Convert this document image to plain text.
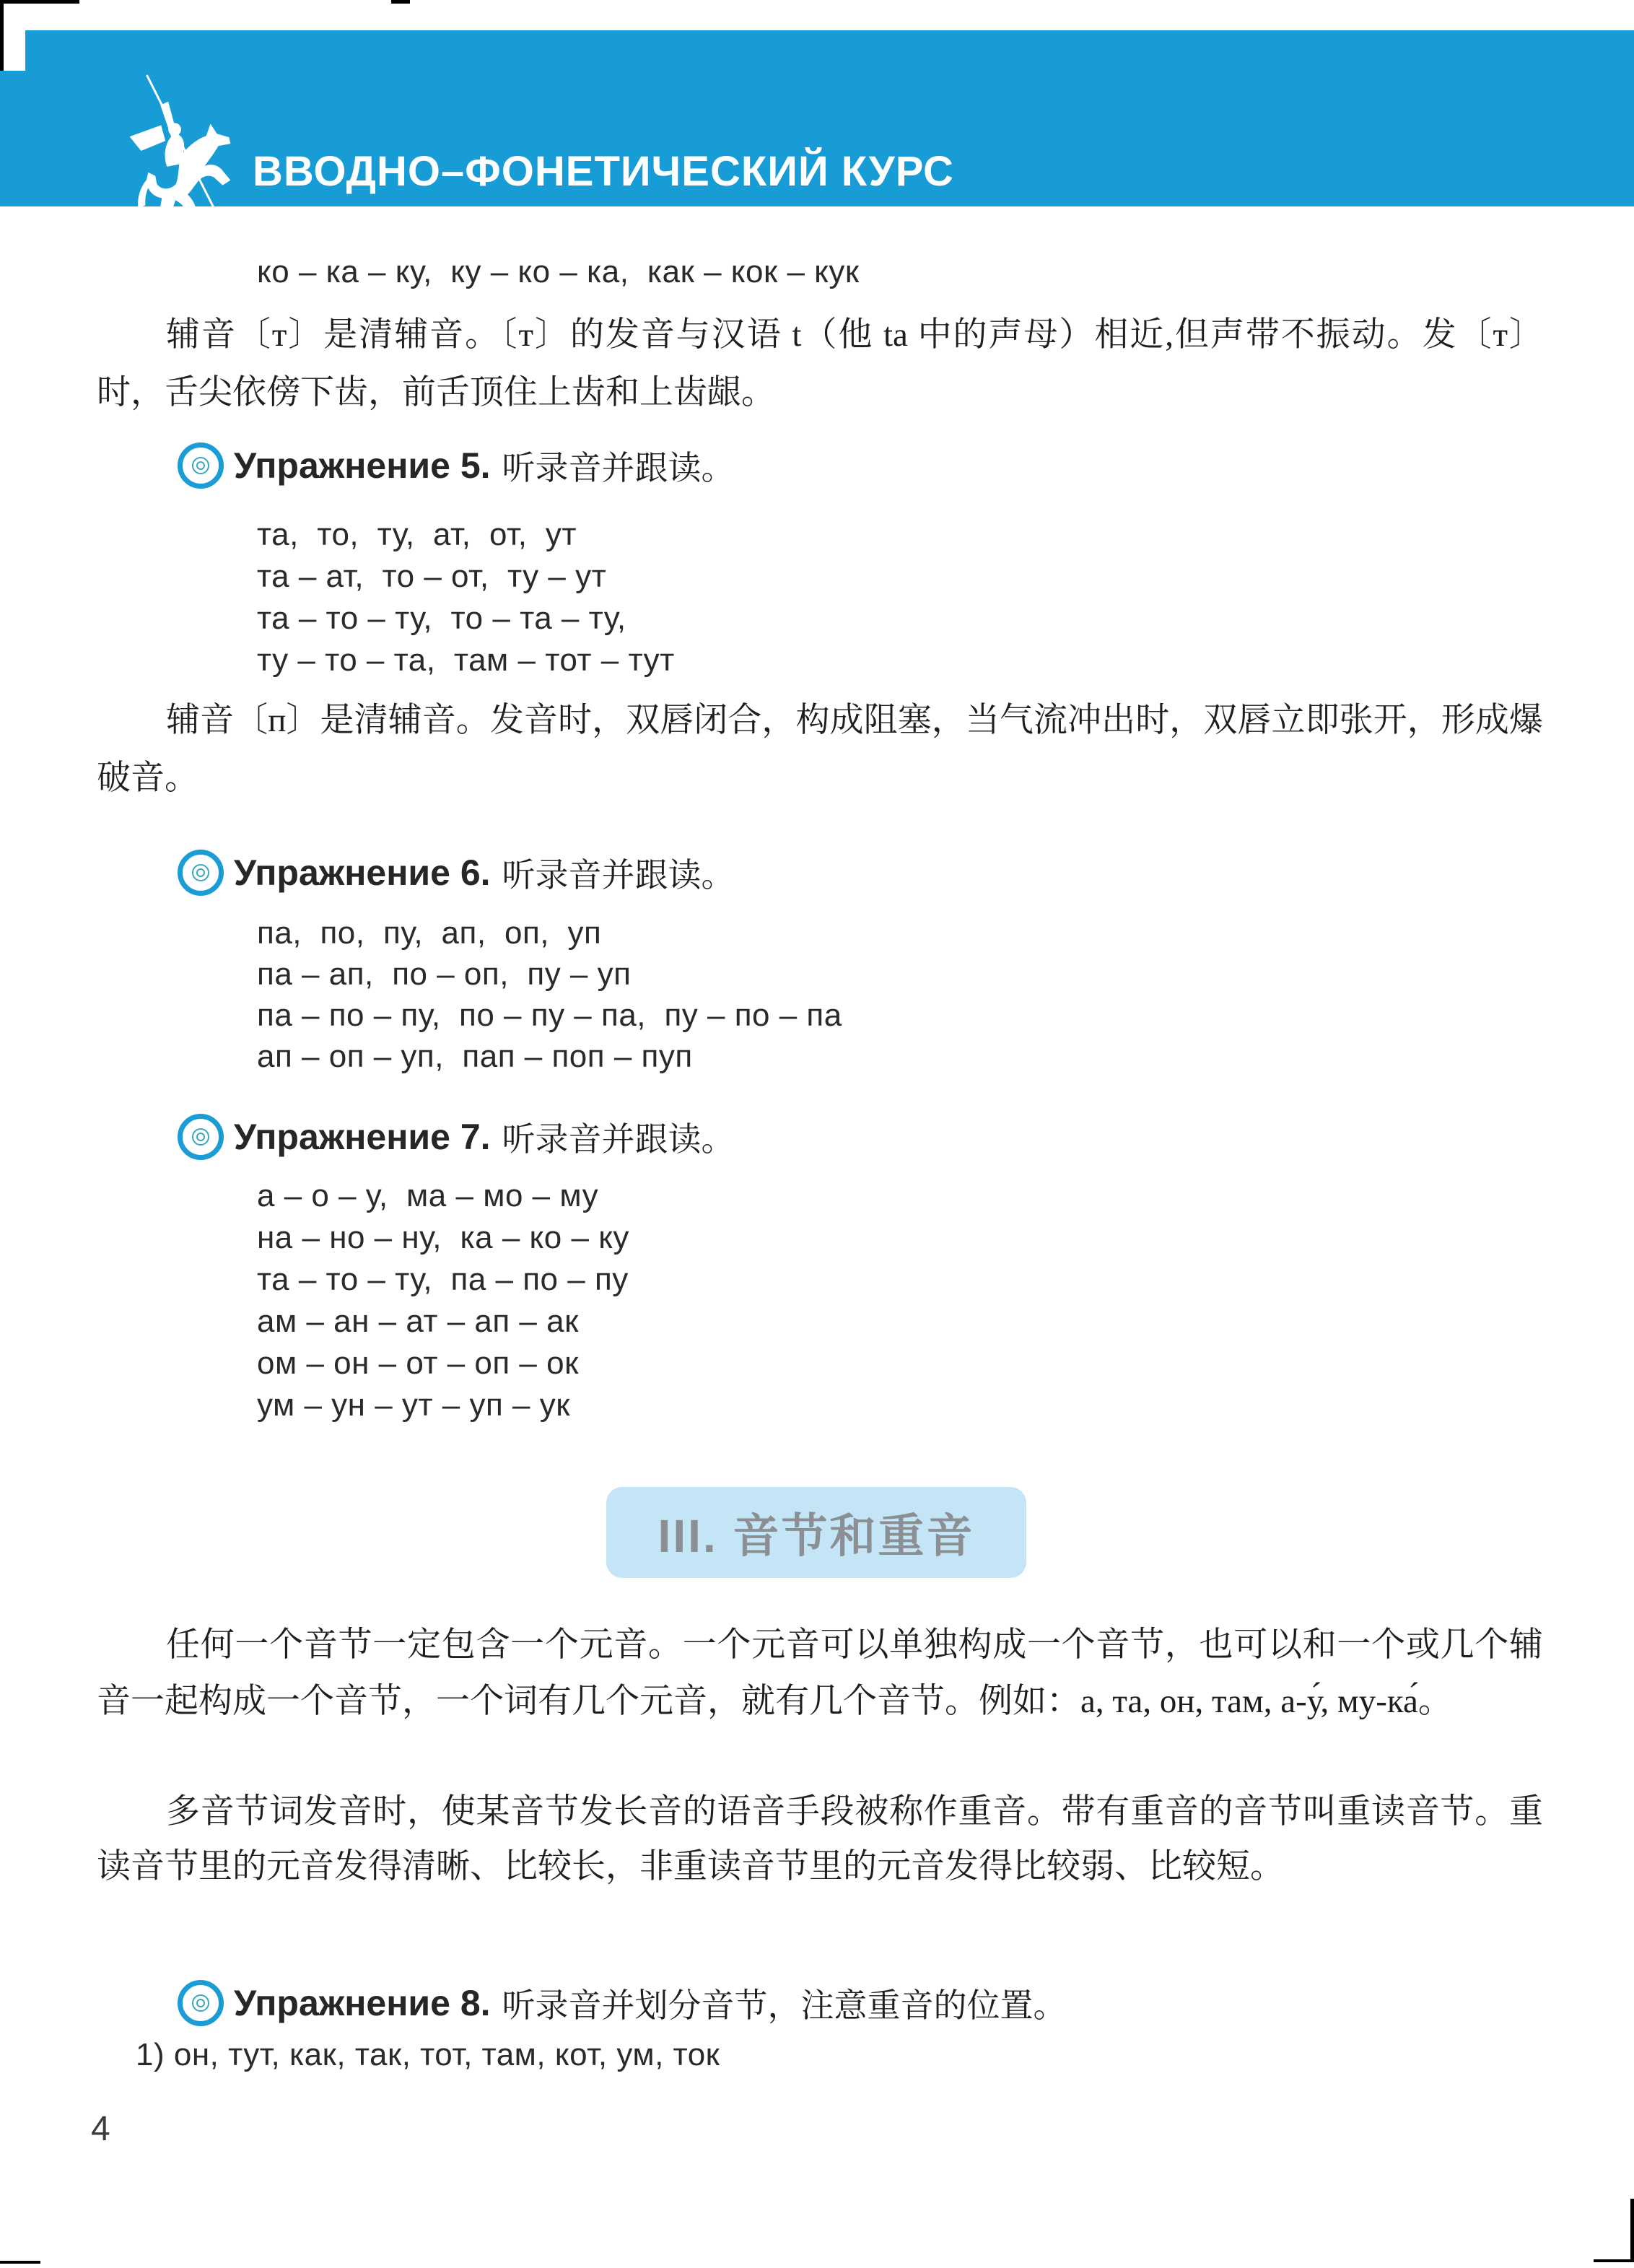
ВВОДНО–ФОНЕТИЧЕСКИЙ КУРС
ко – ка – ку,  ку – ко – ка,  как – кок – кук
辅音〔т〕是清辅音。〔т〕的发音与汉语 t（他 ta 中的声母）相近,但声带不振动。发〔т〕时，舌尖依傍下齿，前舌顶住上齿和上齿龈。
Упражнение 5. 听录音并跟读。
та,  то,  ту,  ат,  от,  ут
та – ат,  то – от,  ту – ут
та – то – ту,  то – та – ту,
ту – то – та,  там – тот – тут
辅音〔п〕是清辅音。发音时，双唇闭合，构成阻塞，当气流冲出时，双唇立即张开，形成爆破音。
Упражнение 6. 听录音并跟读。
па,  по,  пу,  ап,  оп,  уп
па – ап,  по – оп,  пу – уп
па – по – пу,  по – пу – па,  пу – по – па
ап – оп – уп,  пап – поп – пуп
Упражнение 7. 听录音并跟读。
а – о – у,  ма – мо – му
на – но – ну,  ка – ко – ку
та – то – ту,  па – по – пу
ам – ан – ат – ап – ак
ом – он – от – оп – ок
ум – ун – ут – уп – ук
III. 音节和重音
任何一个音节一定包含一个元音。一个元音可以单独构成一个音节，也可以和一个或几个辅音一起构成一个音节，一个词有几个元音，就有几个音节。例如：а, та, он, там, а-у́, му-ка́。
多音节词发音时，使某音节发长音的语音手段被称作重音。带有重音的音节叫重读音节。重读音节里的元音发得清晰、比较长，非重读音节里的元音发得比较弱、比较短。
Упражнение 8. 听录音并划分音节，注意重音的位置。
1) он, тут, как, так, тот, там, кот, ум, ток
4
